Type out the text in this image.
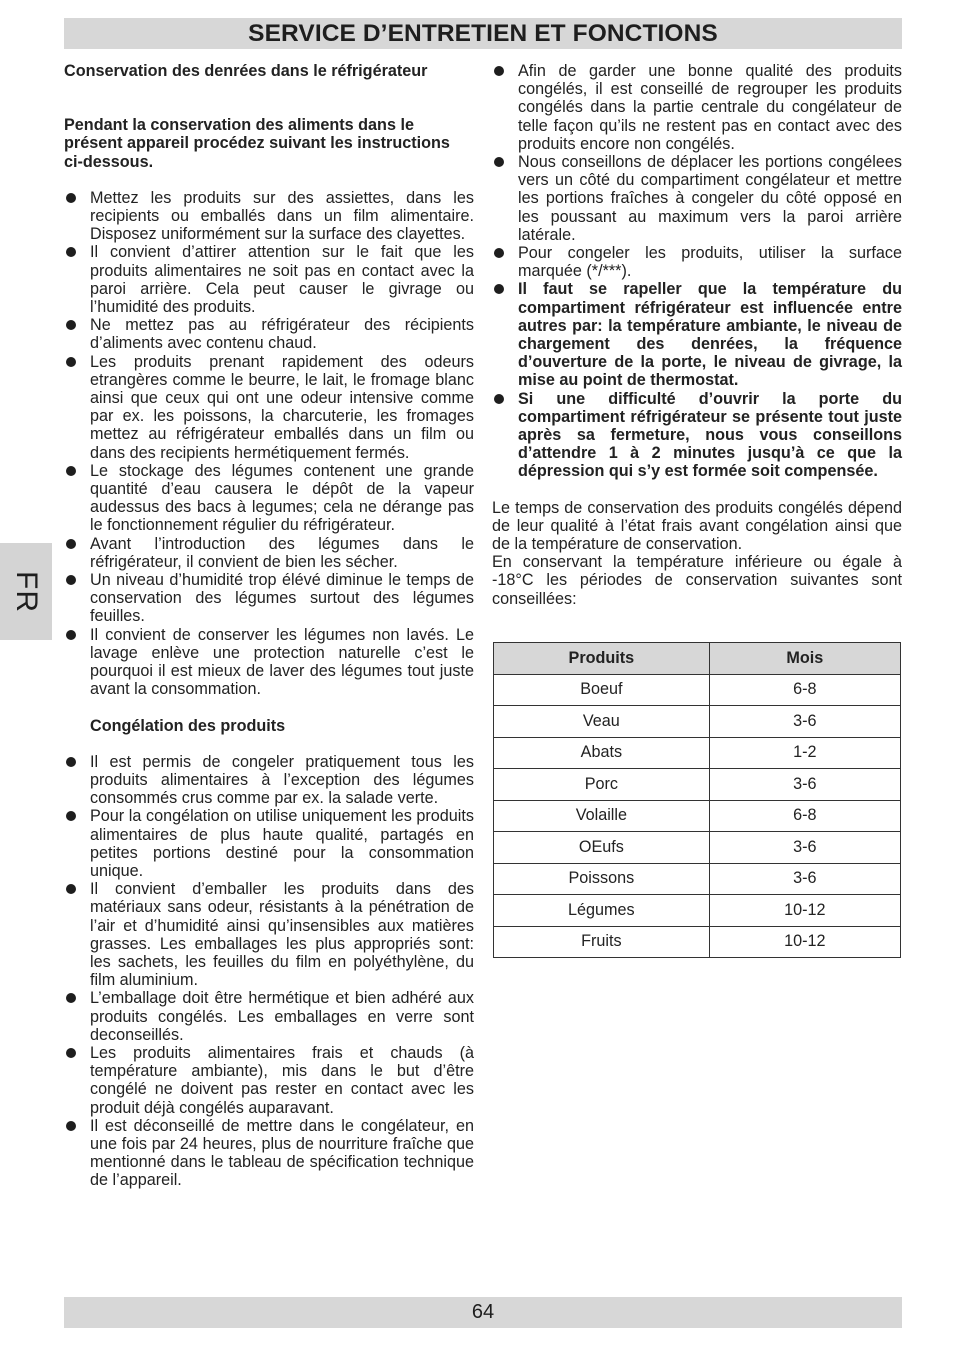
SERVICE D’ENTRETIEN ET FONCTIONS
FR

Conservation des denrées dans le réfrigérateur

Pendant la conservation des aliments dans le présent appareil procédez suivant les instructions ci-dessous.

Mettez les produits sur des assiettes, dans les recipients ou emballés dans un film alimentaire. Disposez uniformément sur la surface des clayettes.
Il convient d’attirer attention sur le fait que les produits alimentaires ne soit pas en contact avec la paroi arrière. Cela peut causer le givrage ou l’humidité des produits.
Ne mettez pas au réfrigérateur des récipients d’aliments avec contenu chaud.
Les produits prenant rapidement des odeurs etrangères comme le beurre, le lait, le fromage blanc ainsi que ceux qui ont une odeur intensive comme par ex. les poissons, la charcuterie, les fromages mettez au réfrigérateur emballés dans un film ou dans des recipients hermétiquement fermés.
Le stockage des légumes contenent une grande quantité d’eau causera le dépôt de la vapeur audessus des bacs à legumes; cela ne dérange pas le fonctionnement régulier du réfrigérateur.
Avant l’introduction des légumes dans le réfrigérateur, il convient de bien les sécher.
Un niveau d’humidité trop élévé diminue le temps de conservation des légumes surtout des légumes feuilles.
Il convient de conserver les légumes non lavés. Le lavage enlève une protection naturelle c’est le pourquoi il est mieux de laver des légumes tout juste avant la consommation.

Congélation des produits

Il est permis de congeler pratiquement tous les produits alimentaires à l’exception des légumes consommés crus comme par ex. la salade verte.
Pour la congélation on utilise uniquement les produits alimentaires de plus haute qualité, partagés en petites portions destiné pour la consommation unique.
Il convient d’emballer les produits dans des matériaux sans odeur, résistants à la pénétration de l’air et d’humidité ainsi qu’insensibles aux matières grasses. Les emballages les plus appropriés sont: les sachets, les feuilles du film en polyéthylène, du film aluminium.
L’emballage doit être hermétique et bien adhéré aux produits congélés. Les emballages en verre sont deconseillés.
Les produits alimentaires frais et chauds (à température ambiante), mis dans le but d’être congélé ne doivent pas rester en contact avec les produit déjà congélés auparavant.
Il est déconseillé de mettre dans le congélateur, en une fois par 24 heures, plus de nourriture fraîche que mentionné dans le tableau de spécification technique de l’appareil.
Afin de garder une bonne qualité des produits congélés, il est conseillé de regrouper les produits congélés dans la partie centrale du congélateur de telle façon qu’ils ne restent pas en contact avec des produits encore non congélés.
Nous conseillons de déplacer les portions congélees vers un côté du compartiment congélateur et mettre les portions fraîches à congeler du côté opposé en les poussant au maximum vers la paroi arrière latérale.
Pour congeler les produits, utiliser la surface marquée (*/***).
Il faut se rapeller que la température du compartiment réfrigérateur est influencée entre autres par: la température ambiante, le niveau de chargement des denrées, la fréquence d’ouverture de la porte, le niveau de givrage, la mise au point de thermostat.
Si une difficulté d’ouvrir la porte du compartiment réfrigérateur se présente tout juste après sa fermeture, nous vous conseillons d’attendre 1 à 2 minutes jusqu’à ce que la dépression qui s’y est formée soit compensée.

Le temps de conservation des produits congélés dépend de leur qualité à l’état frais avant congélation ainsi que de la température de conservation.

En conservant la température inférieure ou égale à -18°C les périodes de conservation suivantes sont conseillées:

Produits	Mois
Boeuf	6-8
Veau	3-6
Abats	1-2
Porc	3-6
Volaille	6-8
OEufs	3-6
Poissons	3-6
Légumes	10-12
Fruits	10-12
64
